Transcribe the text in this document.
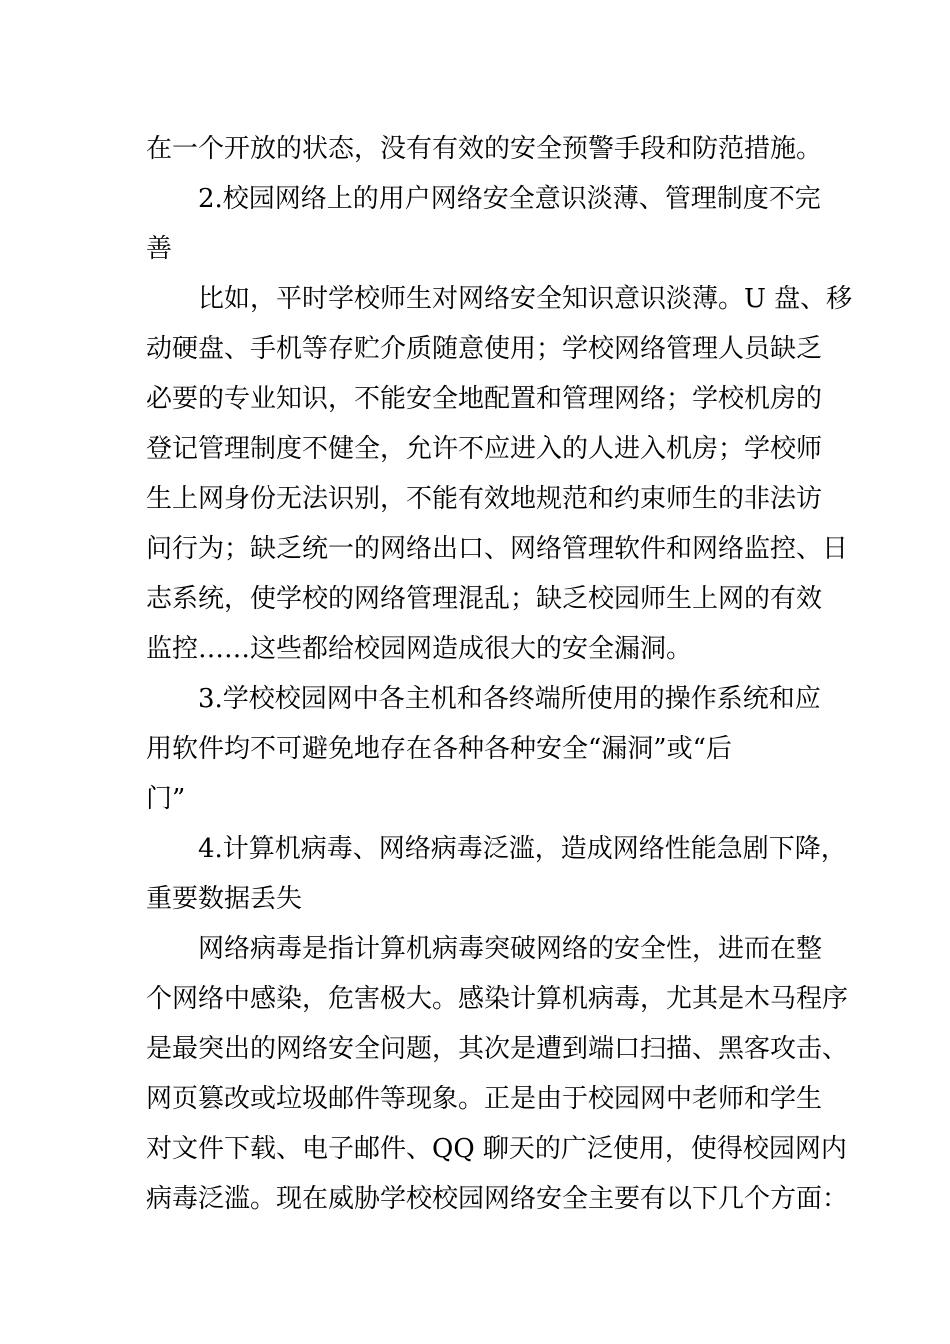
在一个开放的状态，没有有效的安全预警手段和防范措施。
2.校园网络上的用户网络安全意识淡薄、管理制度不完
善
比如，平时学校师生对网络安全知识意识淡薄。U 盘、移
动硬盘、手机等存贮介质随意使用；学校网络管理人员缺乏
必要的专业知识，不能安全地配置和管理网络；学校机房的
登记管理制度不健全，允许不应进入的人进入机房；学校师
生上网身份无法识别，不能有效地规范和约束师生的非法访
问行为；缺乏统一的网络出口、网络管理软件和网络监控、日
志系统，使学校的网络管理混乱；缺乏校园师生上网的有效
监控……这些都给校园网造成很大的安全漏洞。
3.学校校园网中各主机和各终端所使用的操作系统和应
用软件均不可避免地存在各种各种安全“漏洞”或“后
门”
4.计算机病毒、网络病毒泛滥，造成网络性能急剧下降，
重要数据丢失
网络病毒是指计算机病毒突破网络的安全性，进而在整
个网络中感染，危害极大。感染计算机病毒，尤其是木马程序
是最突出的网络安全问题，其次是遭到端口扫描、黑客攻击、
网页篡改或垃圾邮件等现象。正是由于校园网中老师和学生
对文件下载、电子邮件、QQ 聊天的广泛使用，使得校园网内
病毒泛滥。现在威胁学校校园网络安全主要有以下几个方面：
